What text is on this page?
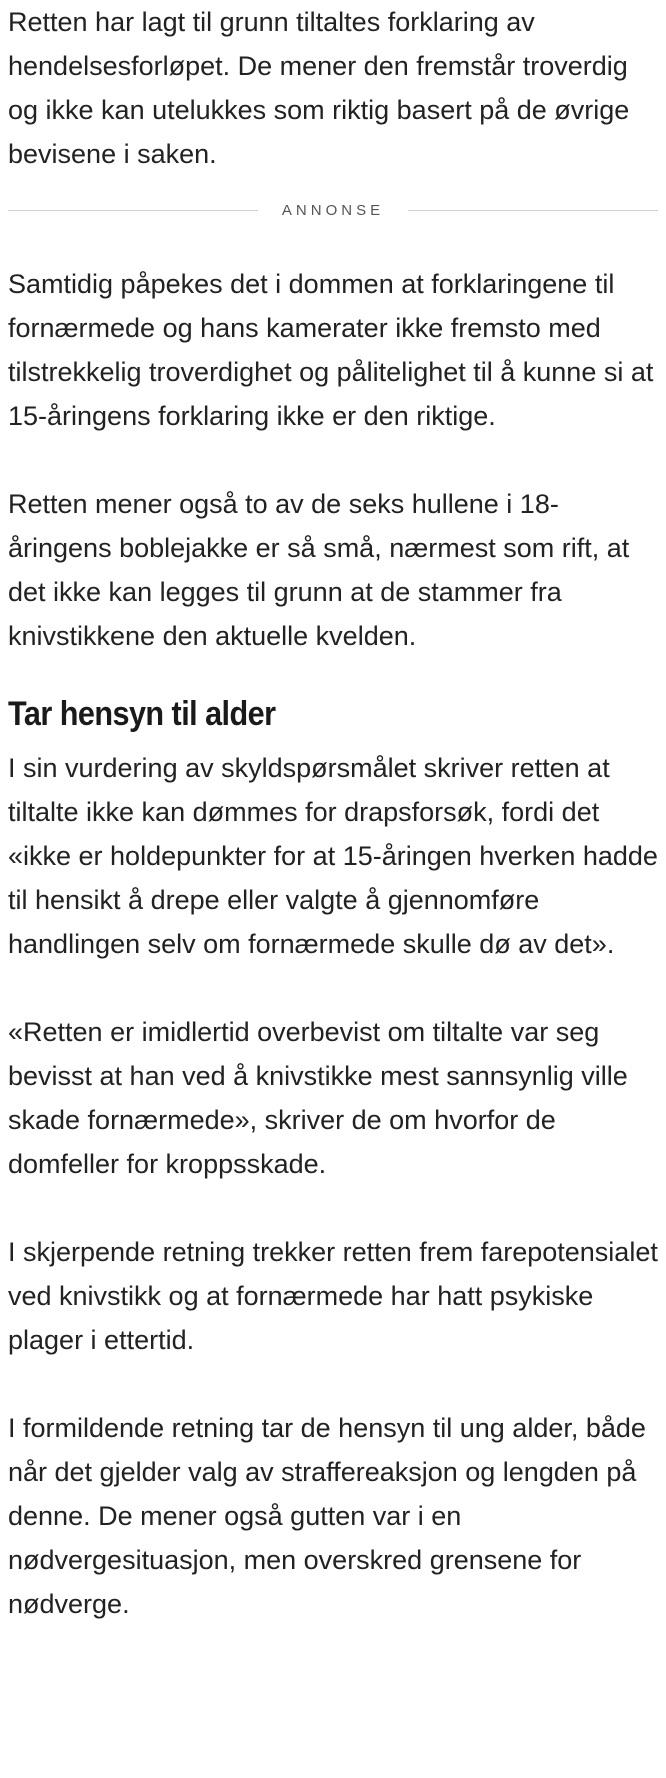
Retten har lagt til grunn tiltaltes forklaring av hendelsesforløpet. De mener den fremstår troverdig og ikke kan utelukkes som riktig basert på de øvrige bevisene i saken.

ANNONSE

Samtidig påpekes det i dommen at forklaringene til fornærmede og hans kamerater ikke fremsto med tilstrekkelig troverdighet og pålitelighet til å kunne si at 15-åringens forklaring ikke er den riktige.

Retten mener også to av de seks hullene i 18-åringens boblejakke er så små, nærmest som rift, at det ikke kan legges til grunn at de stammer fra knivstikkene den aktuelle kvelden.

Tar hensyn til alder

I sin vurdering av skyldspørsmålet skriver retten at tiltalte ikke kan dømmes for drapsforsøk, fordi det «ikke er holdepunkter for at 15-åringen hverken hadde til hensikt å drepe eller valgte å gjennomføre handlingen selv om fornærmede skulle dø av det».

«Retten er imidlertid overbevist om tiltalte var seg bevisst at han ved å knivstikke mest sannsynlig ville skade fornærmede», skriver de om hvorfor de domfeller for kroppsskade.

I skjerpende retning trekker retten frem farepotensialet ved knivstikk og at fornærmede har hatt psykiske plager i ettertid.

I formildende retning tar de hensyn til ung alder, både når det gjelder valg av straffereaksjon og lengden på denne. De mener også gutten var i en nødvergesituasjon, men overskred grensene for nødverge.
